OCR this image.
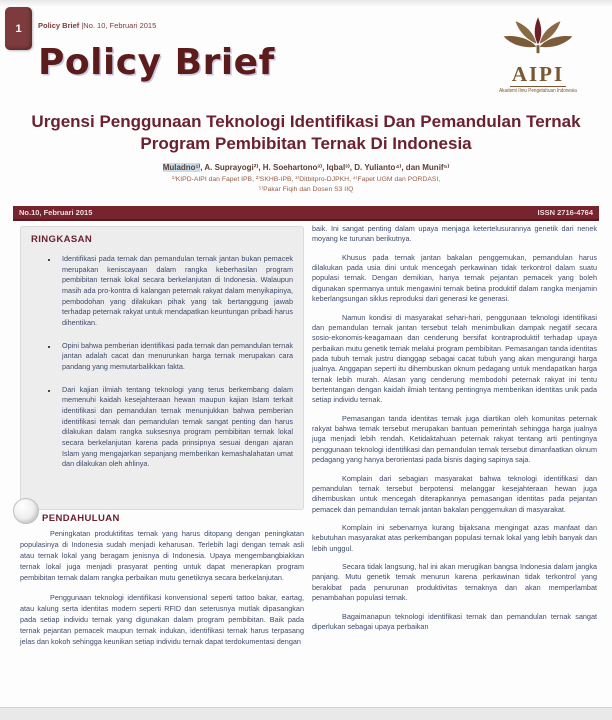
1 Policy Brief |No. 10, Februari 2015
Policy Brief	AIPI
Akademi Ilmu Pengetahuan Indonesia
Urgensi Penggunaan Teknologi Identifikasi Dan Pemandulan Ternak Program Pembibitan Ternak Di Indonesia
Muladno¹⁾, A. Suprayogi²⁾, H. Soehartono³⁾, Iqbal³⁾, D. Yulianto⁴⁾, dan Munif⁵⁾
¹⁾KIPD-AIPI dan Fapet IPB, ²⁾SKHB-IPB, ³⁾Ditbitpro-DJPKH, ⁴⁾Fapet UGM dan PORDASI,
⁵⁾Pakar Fiqih dan Dosen S3 IIQ
No.10, Februari 2015	ISSN 2716-4764
RINGKASAN
• Identifikasi pada ternak dan pemandulan ternak jantan bukan pemacek merupakan keniscayaan dalam rangka keberhasilan program pembibitan ternak lokal secara berkelanjutan di Indonesia. Walaupun masih ada pro-kontra di kalangan peternak rakyat dalam menyikapinya, pembodohan yang dilakukan pihak yang tak bertanggung jawab terhadap peternak rakyat untuk mendapatkan keuntungan pribadi harus dihentikan.
• Opini bahwa pemberian identifikasi pada ternak dan pemandulan ternak jantan adalah cacat dan menurunkan harga ternak merupakan cara pandang yang memutarbalikkan fakta.
• Dari kajian ilmiah tentang teknologi yang terus berkembang dalam memenuhi kaidah kesejahteraan hewan maupun kajian Islam terkait identifikasi dan pemandulan ternak menunjukkan bahwa pemberian identifikasi ternak dan pemandulan ternak sangat penting dan harus dilakukan dalam rangka suksesnya program pembibitan ternak lokal secara berkelanjutan karena pada prinsipnya sesuai dengan ajaran Islam yang mengajarkan sepanjang memberikan kemashalahatan umat dan dilakukan oleh ahlinya.
PENDAHULUAN

Peningkatan produktifitas ternak yang harus ditopang dengan peningkatan populasinya di Indonesia sudah menjadi keharusan. Terlebih lagi dengan ternak asli atau ternak lokal yang beragam jenisnya di Indonesia. Upaya mengembangbiakkan ternak lokal juga menjadi prasyarat penting untuk dapat menerapkan program pembibitan ternak dalam rangka perbaikan mutu genetiknya secara berkelanjutan.

Penggunaan teknologi identifikasi konvensional seperti tattoo bakar, eartag, atau kalung serta identitas modern seperti RFID dan seterusnya mutlak dipasangkan pada setiap individu ternak yang digunakan dalam program pembibitan. Baik pada ternak pejantan pemacek maupun ternak indukan, identifikasi ternak harus terpasang jelas dan kokoh sehingga keunikan setiap individu ternak dapat terdokumentasi dengan

baik. Ini sangat penting dalam upaya menjaga ketertelusurannya genetik dari nenek moyang ke turunan berikutnya.

Khusus pada ternak jantan bakalan penggemukan, pemandulan harus dilakukan pada usia dini untuk mencegah perkawinan tidak terkontrol dalam suatu populasi ternak. Dengan demikian, hanya ternak pejantan pemacek yang boleh digunakan spermanya untuk mengawini ternak betina produktif dalam rangka menjamin keberlangsungan siklus reproduksi dari generasi ke generasi.

Namun kondisi di masyarakat sehari-hari, penggunaan teknologi identifikasi dan pemandulan ternak jantan tersebut telah menimbulkan dampak negatif secara sosio-ekonomis-keagamaan dan cenderung bersifat kontraproduktif terhadap upaya perbaikan mutu genetik ternak melalui program pembibitan. Pemasangan tanda identitas pada tubuh ternak justru dianggap sebagai cacat tubuh yang akan mengurangi harga jualnya. Anggapan seperti itu dihembuskan oknum pedagang untuk mendapatkan harga ternak lebih murah. Alasan yang cenderung membodohi peternak rakyat ini tentu bertentangan dengan kaidah ilmiah tentang pentingnya memberikan identitas unik pada setiap individu ternak.

Pemasangan tanda identitas ternak juga diartikan oleh komunitas peternak rakyat bahwa ternak tersebut merupakan bantuan pemerintah sehingga harga jualnya juga menjadi lebih rendah. Ketidaktahuan peternak rakyat tentang arti pentingnya penggunaan teknologi identifikasi dan pemandulan ternak tersebut dimanfaatkan oknum pedagang yang hanya berorientasi pada bisnis daging sapinya saja.

Komplain dari sebagian masyarakat bahwa teknologi identifikasi dan pemandulan ternak tersebut berpotensi melanggar kesejahteraan hewan juga dihembuskan untuk mencegah diterapkannya pemasangan identitas pada pejantan pemacek dan pemandulan ternak jantan bakalan penggemukan di masyarakat.

Komplain ini sebenarnya kurang bijaksana mengingat azas manfaat dan kebutuhan masyarakat atas perkembangan populasi ternak lokal yang lebih banyak dan lebih unggul.

Secara tidak langsung, hal ini akan merugikan bangsa Indonesia dalam jangka panjang. Mutu genetik ternak menurun karena perkawinan tidak terkontrol yang berakibat pada penurunan produktivitas ternaknya dan akan memperlambat penambahan populasi ternak.

Bagaimanapun teknologi identifikasi ternak dan pemandulan ternak sangat diperlukan sebagai upaya perbaikan
